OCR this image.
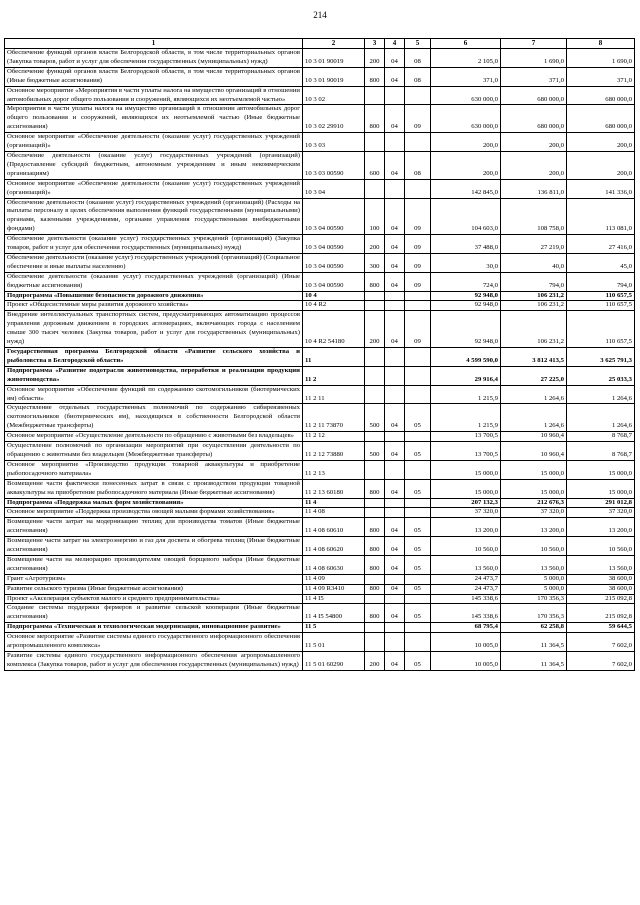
214
1	2	3	4	5	6	7	8
Обеспечение функций органов власти Белгородской области, в том числе территориальных органов (Закупка товаров, работ и услуг для обеспечения государственных (муниципальных) нужд)	10 3 01 90019	200	04	08	2 105,0	1 690,0	1 690,0
Обеспечение функций органов власти Белгородской области, в том числе территориальных органов (Иные бюджетные ассигнования)	10 3 01 90019	800	04	08	371,0	371,0	371,0
Основное мероприятие «Мероприятия в части уплаты налога на имущество организаций в отношении автомобильных дорог общего пользования и сооружений, являющихся их неотъемлемой частью»	10 3 02				630 000,0	680 000,0	680 000,0
Мероприятия в части уплаты налога на имущество организаций в отношении автомобильных дорог общего пользования и сооружений, являющихся их неотъемлемой частью (Иные бюджетные ассигнования)	10 3 02 29910	800	04	09	630 000,0	680 000,0	680 000,0
Основное мероприятие «Обеспечение деятельности (оказание услуг) государственных учреждений (организаций)»	10 3 03				200,0	200,0	200,0
Обеспечение деятельности (оказание услуг) государственных учреждений (организаций) (Предоставление субсидий бюджетным, автономным учреждениям и иным некоммерческим организациям)	10 3 03 00590	600	04	08	200,0	200,0	200,0
Основное мероприятие «Обеспечение деятельности (оказание услуг) государственных учреждений (организаций)»	10 3 04				142 845,0	136 811,0	141 336,0
Обеспечение деятельности (оказание услуг) государственных учреждений (организаций) (Расходы на выплаты персоналу в целях обеспечения выполнения функций государственными (муниципальными) органами, казенными учреждениями, органами управления государственными внебюджетными фондами)	10 3 04 00590	100	04	09	104 603,0	108 758,0	113 081,0
Обеспечение деятельности (оказание услуг) государственных учреждений (организаций) (Закупка товаров, работ и услуг для обеспечения государственных (муниципальных) нужд)	10 3 04 00590	200	04	09	37 488,0	27 219,0	27 416,0
Обеспечение деятельности (оказание услуг) государственных учреждений (организаций) (Социальное обеспечение и иные выплаты населению)	10 3 04 00590	300	04	09	30,0	40,0	45,0
Обеспечение деятельности (оказание услуг) государственных учреждений (организаций) (Иные бюджетные ассигнования)	10 3 04 00590	800	04	09	724,0	794,0	794,0
Подпрограмма «Повышение безопасности дорожного движения»	10 4				92 948,0	106 231,2	110 657,5
Проект «Общесистемные меры развития дорожного хозяйства»	10 4 R2				92 948,0	106 231,2	110 657,5
Внедрение интеллектуальных транспортных систем, предусматривающих автоматизацию процессов управления дорожным движением в городских агломерациях, включающих города с населением свыше 300 тысяч человек (Закупка товаров, работ и услуг для государственных (муниципальных) нужд)	10 4 R2 54180	200	04	09	92 948,0	106 231,2	110 657,5
Государственная программа Белгородской области «Развитие сельского хозяйства и рыболовства в Белгородской области»	11				4 599 590,0	3 812 413,5	3 625 791,3
Подпрограмма «Развитие подотрасли животноводства, переработки и реализации продукции животноводства»	11 2				29 916,4	27 225,0	25 033,3
Основное мероприятие «Обеспечение функций по содержанию скотомогильников (биотермических ям) области»	11 2 11				1 215,9	1 264,6	1 264,6
Осуществление отдельных государственных полномочий по содержанию сибиреязвенных скотомогильников (биотермических ям), находящихся в собственности Белгородской области (Межбюджетные трансферты)	11 2 11 73870	500	04	05	1 215,9	1 264,6	1 264,6
Основное мероприятие «Осуществление деятельности по обращению с животными без владельцев»	11 2 12				13 700,5	10 960,4	8 768,7
Осуществление полномочий по организации мероприятий при осуществлении деятельности по обращению с животными без владельцев (Межбюджетные трансферты)	11 2 12 73880	500	04	05	13 700,5	10 960,4	8 768,7
Основное мероприятие «Производство продукции товарной аквакультуры и приобретение рыбопосадочного материала»	11 2 13				15 000,0	15 000,0	15 000,0
Возмещение части фактически понесенных затрат в связи с производством продукции товарной аквакультуры на приобретение рыбопосадочного материала (Иные бюджетные ассигнования)	11 2 13 60180	800	04	05	15 000,0	15 000,0	15 000,0
Подпрограмма «Поддержка малых форм хозяйствования»	11 4				207 132,3	212 676,3	291 012,8
Основное мероприятие «Поддержка производства овощей малыми формами хозяйствования»	11 4 08				37 320,0	37 320,0	37 320,0
Возмещение части затрат на модернизацию теплиц для производства томатов (Иные бюджетные ассигнования)	11 4 08 60610	800	04	05	13 200,0	13 200,0	13 200,0
Возмещение части затрат на электроэнергию и газ для досвета и обогрева теплиц (Иные бюджетные ассигнования)	11 4 08 60620	800	04	05	10 560,0	10 560,0	10 560,0
Возмещение части на мелиорацию производителям овощей борщевого набора (Иные бюджетные ассигнования)	11 4 08 60630	800	04	05	13 560,0	13 560,0	13 560,0
Грант «Агротуризм»	11 4 09				24 473,7	5 000,0	38 600,0
Развитие сельского туризма (Иные бюджетные ассигнования)	11 4 09 R3410	800	04	05	24 473,7	5 000,0	38 600,0
Проект «Акселерация субъектов малого и среднего предпринимательства»	11 4 I5				145 338,6	170 356,3	215 092,8
Создание системы поддержки фермеров и развитие сельской кооперации (Иные бюджетные ассигнования)	11 4 I5 54800	800	04	05	145 338,6	170 356,3	215 092,8
Подпрограмма «Техническая и технологическая модернизация, инновационное развитие»	11 5				68 795,4	62 258,8	59 644,5
Основное мероприятие «Развитие системы единого государственного информационного обеспечения агропромышленного комплекса»	11 5 01				10 005,0	11 364,5	7 602,0
Развитие системы единого государственного информационного обеспечения агропромышленного комплекса (Закупка товаров, работ и услуг для обеспечения государственных (муниципальных) нужд)	11 5 01 60290	200	04	05	10 005,0	11 364,5	7 602,0
